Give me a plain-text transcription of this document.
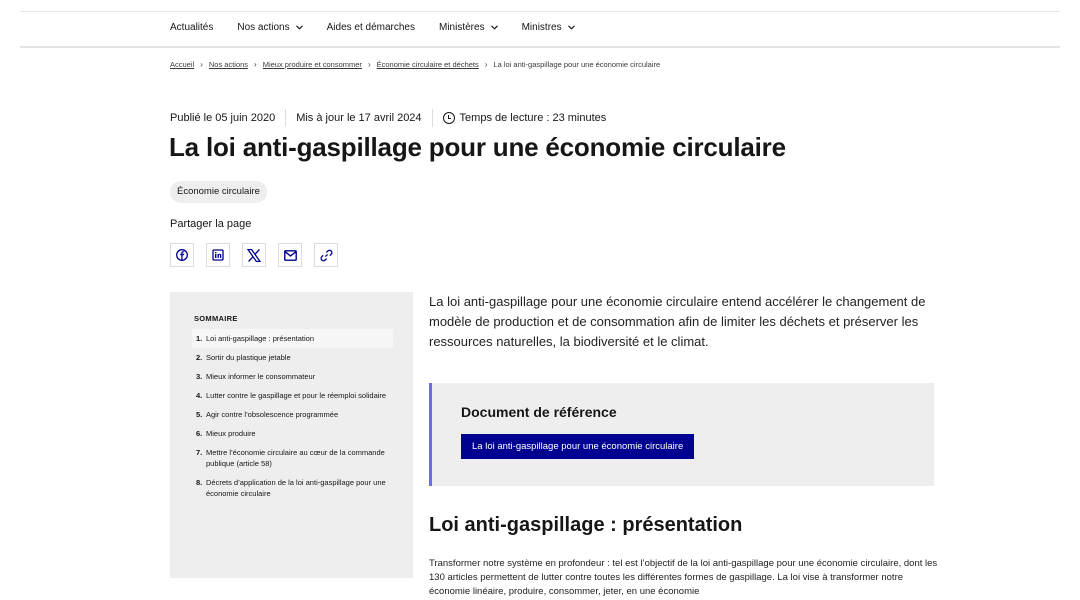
Actualités Nos actions	Aides et démarches Ministères	Ministres
Accueil › Nos actions › Mieux produire et consommer › Économie circulaire et déchets › La loi anti-gaspillage pour une économie circulaire
Publié le 05 juin 2020 Mis à jour le 17 avril 2024	Temps de lecture : 23 minutes
La loi anti-gaspillage pour une économie circulaire
Économie circulaire
Partager la page
SOMMAIRE
1. Loi anti-gaspillage : présentation
2. Sortir du plastique jetable
3. Mieux informer le consommateur
4. Lutter contre le gaspillage et pour le réemploi solidaire
5. Agir contre l’obsolescence programmée
6. Mieux produire
7. Mettre l’économie circulaire au cœur de la commande publique (article 58)
8. Décrets d’application de la loi anti-gaspillage pour une économie circulaire

La loi anti-gaspillage pour une économie circulaire entend accélérer le changement de modèle de production et de consommation afin de limiter les déchets et préserver les ressources naturelles, la biodiversité et le climat.

Document de référence
La loi anti-gaspillage pour une économie circulaire
Loi anti-gaspillage : présentation

Transformer notre système en profondeur : tel est l’objectif de la loi anti-gaspillage pour une économie circulaire, dont les 130 articles permettent de lutter contre toutes les différentes formes de gaspillage. La loi vise à transformer notre économie linéaire, produire, consommer, jeter, en une économie
